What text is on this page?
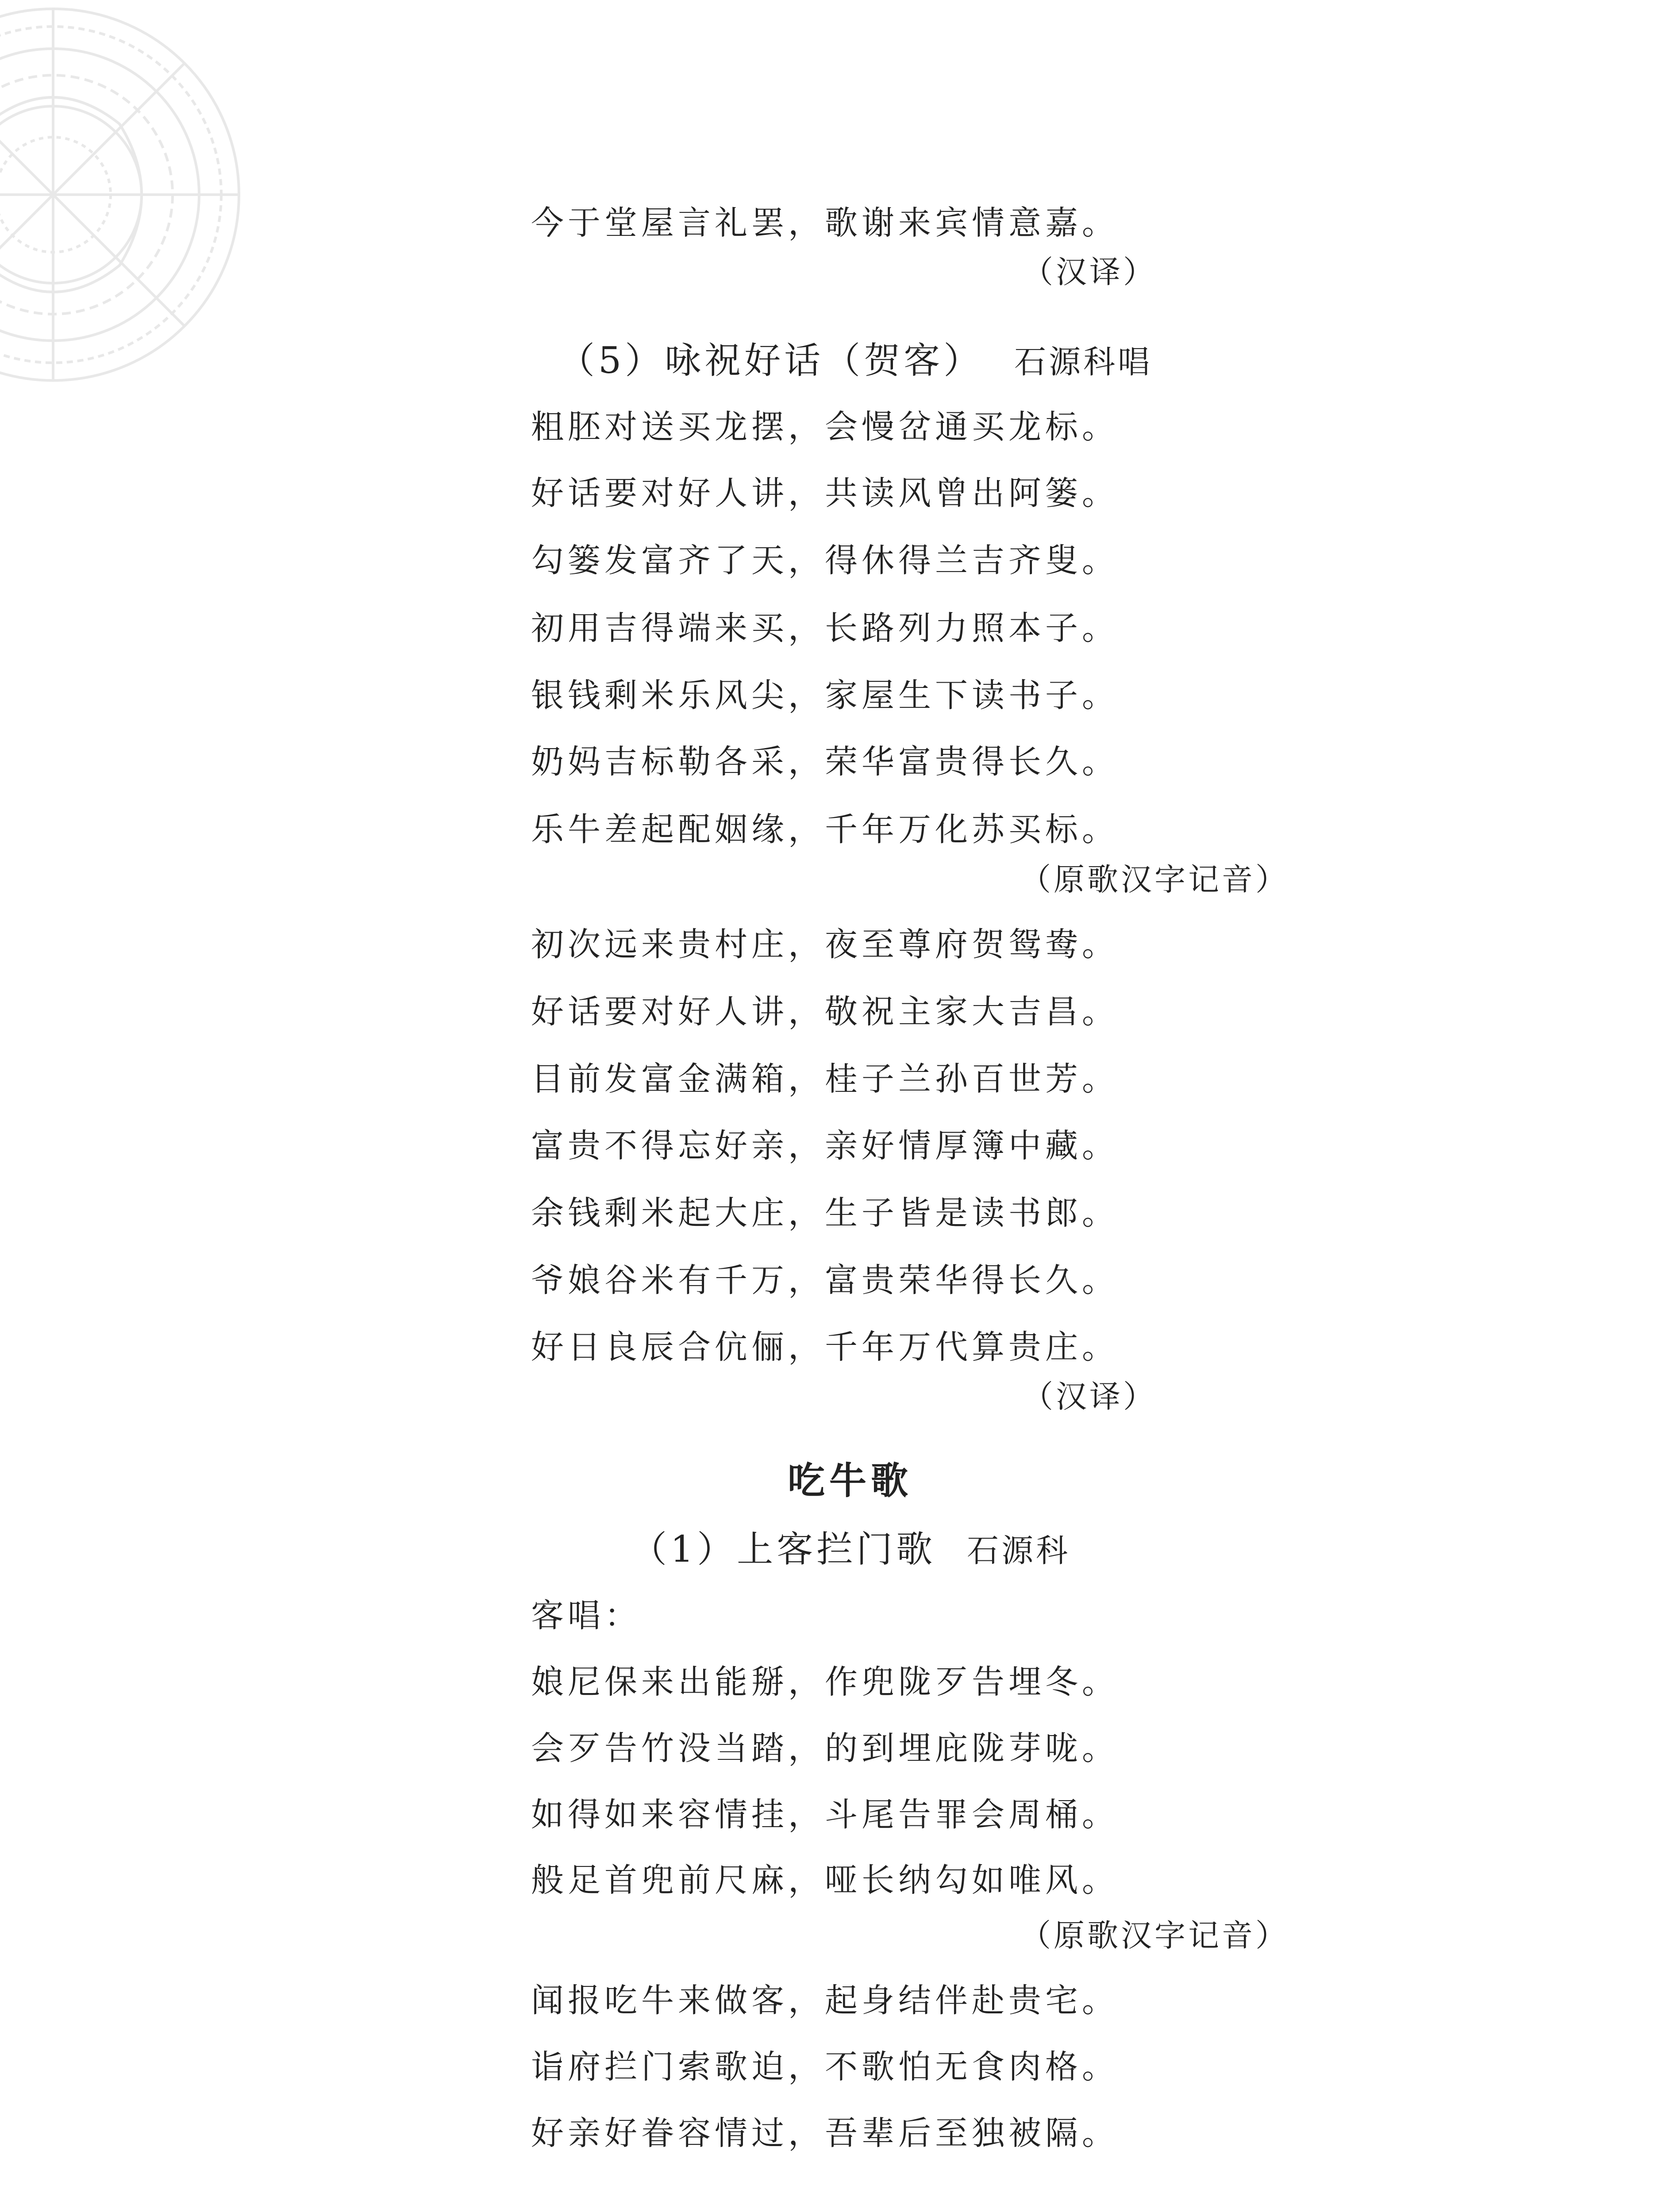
今于堂屋言礼罢，歌谢来宾情意嘉。
（汉译）
（5）咏祝好话（贺客） 石源科唱
粗胚对送买龙摆，会慢岔通买龙标。
好话要对好人讲，共读风曾出阿篓。
勾篓发富齐了天，得休得兰吉齐叟。
初用吉得端来买，长路列力照本子。
银钱剩米乐风尖，家屋生下读书子。
奶妈吉标勒各采，荣华富贵得长久。
乐牛差起配姻缘，千年万化苏买标。
（原歌汉字记音）
初次远来贵村庄，夜至尊府贺鸳鸯。
好话要对好人讲，敬祝主家大吉昌。
目前发富金满箱，桂子兰孙百世芳。
富贵不得忘好亲，亲好情厚簿中藏。
余钱剩米起大庄，生子皆是读书郎。
爷娘谷米有千万，富贵荣华得长久。
好日良辰合伉俪，千年万代算贵庄。
（汉译）
吃牛歌
（1）上客拦门歌 石源科
客唱：
娘尼保来出能掰，作兜陇歹告埋冬。
会歹告竹没当踏，的到埋庇陇芽咙。
如得如来容情挂，斗尾告罪会周桶。
般足首兜前尺麻，哑长纳勾如唯风。
（原歌汉字记音）
闻报吃牛来做客，起身结伴赴贵宅。
诣府拦门索歌迫，不歌怕无食肉格。
好亲好眷容情过，吾辈后至独被隔。
